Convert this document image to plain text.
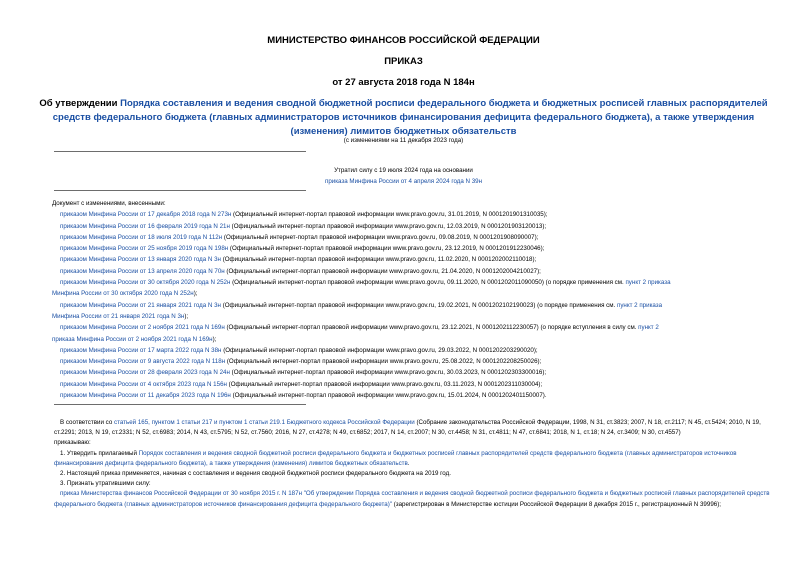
МИНИСТЕРСТВО ФИНАНСОВ РОССИЙСКОЙ ФЕДЕРАЦИИ
ПРИКАЗ
от 27 августа 2018 года N 184н
Об утверждении Порядка составления и ведения сводной бюджетной росписи федерального бюджета и бюджетных росписей главных распорядителей средств федерального бюджета (главных администраторов источников финансирования дефицита федерального бюджета), а также утверждения (изменения) лимитов бюджетных обязательств
(с изменениями на 11 декабря 2023 года)
Утратил силу с 19 июля 2024 года на основании
приказа Минфина России от 4 апреля 2024 года N 39н
Документ с изменениями, внесенными:
приказом Минфина России от 17 декабря 2018 года N 273н (Официальный интернет-портал правовой информации www.pravo.gov.ru, 31.01.2019, N 0001201901310035);
приказом Минфина России от 16 февраля 2019 года N 21н (Официальный интернет-портал правовой информации www.pravo.gov.ru, 12.03.2019, N 0001201903120013);
приказом Минфина России от 18 июля 2019 года N 112н (Официальный интернет-портал правовой информации www.pravo.gov.ru, 09.08.2019, N 0001201908090007);
приказом Минфина России от 25 ноября 2019 года N 198н (Официальный интернет-портал правовой информации www.pravo.gov.ru, 23.12.2019, N 0001201912230046);
приказом Минфина России от 13 января 2020 года N 3н (Официальный интернет-портал правовой информации www.pravo.gov.ru, 11.02.2020, N 0001202002110018);
приказом Минфина России от 13 апреля 2020 года N 70н (Официальный интернет-портал правовой информации www.pravo.gov.ru, 21.04.2020, N 0001202004210027);
приказом Минфина России от 30 октября 2020 года N 252н (Официальный интернет-портал правовой информации www.pravo.gov.ru, 09.11.2020, N 0001202011090050) (о порядке применения см. пункт 2 приказа
Минфина России от 30 октября 2020 года N 252н);
приказом Минфина России от 21 января 2021 года N 3н (Официальный интернет-портал правовой информации www.pravo.gov.ru, 19.02.2021, N 0001202102190023) (о порядке применения см. пункт 2 приказа
Минфина России от 21 января 2021 года N 3н);
приказом Минфина России от 2 ноября 2021 года N 169н (Официальный интернет-портал правовой информации www.pravo.gov.ru, 23.12.2021, N 0001202112230057) (о порядке вступления в силу см. пункт 2
приказа Минфина России от 2 ноября 2021 года N 169н);
приказом Минфина России от 17 марта 2022 года N 38н (Официальный интернет-портал правовой информации www.pravo.gov.ru, 29.03.2022, N 0001202203290020);
приказом Минфина России от 9 августа 2022 года N 118н (Официальный интернет-портал правовой информации www.pravo.gov.ru, 25.08.2022, N 0001202208250026);
приказом Минфина России от 28 февраля 2023 года N 24н (Официальный интернет-портал правовой информации www.pravo.gov.ru, 30.03.2023, N 0001202303300016);
приказом Минфина России от 4 октября 2023 года N 156н (Официальный интернет-портал правовой информации www.pravo.gov.ru, 03.11.2023, N 0001202311030004);
приказом Минфина России от 11 декабря 2023 года N 196н (Официальный интернет-портал правовой информации www.pravo.gov.ru, 15.01.2024, N 0001202401150007).

В соответствии со статьей 165, пунктом 1 статьи 217 и пунктом 1 статьи 219.1 Бюджетного кодекса Российской Федерации (Собрание законодательства Российской Федерации, 1998, N 31, ст.3823; 2007, N 18, ст.2117; N 45, ст.5424; 2010, N 19, ст.2291; 2013, N 19, ст.2331; N 52, ст.6983; 2014, N 43, ст.5795; N 52, ст.7560; 2016, N 27, ст.4278; N 49, ст.6852; 2017, N 14, ст.2007; N 30, ст.4458; N 31, ст.4811; N 47, ст.6841; 2018, N 1, ст.18; N 24, ст.3409; N 30, ст.4557)

приказываю:

1. Утвердить прилагаемый Порядок составления и ведения сводной бюджетной росписи федерального бюджета и бюджетных росписей главных распорядителей средств федерального бюджета (главных администраторов источников финансирования дефицита федерального бюджета), а также утверждения (изменения) лимитов бюджетных обязательств.

2. Настоящий приказ применяется, начиная с составления и ведения сводной бюджетной росписи федерального бюджета на 2019 год.

3. Признать утратившими силу:

приказ Министерства финансов Российской Федерации от 30 ноября 2015 г. N 187н "Об утверждении Порядка составления и ведения сводной бюджетной росписи федерального бюджета и бюджетных росписей главных распорядителей средств федерального бюджета (главных администраторов источников финансирования дефицита федерального бюджета)" (зарегистрирован в Министерстве юстиции Российской Федерации 8 декабря 2015 г., регистрационный N 39996);
